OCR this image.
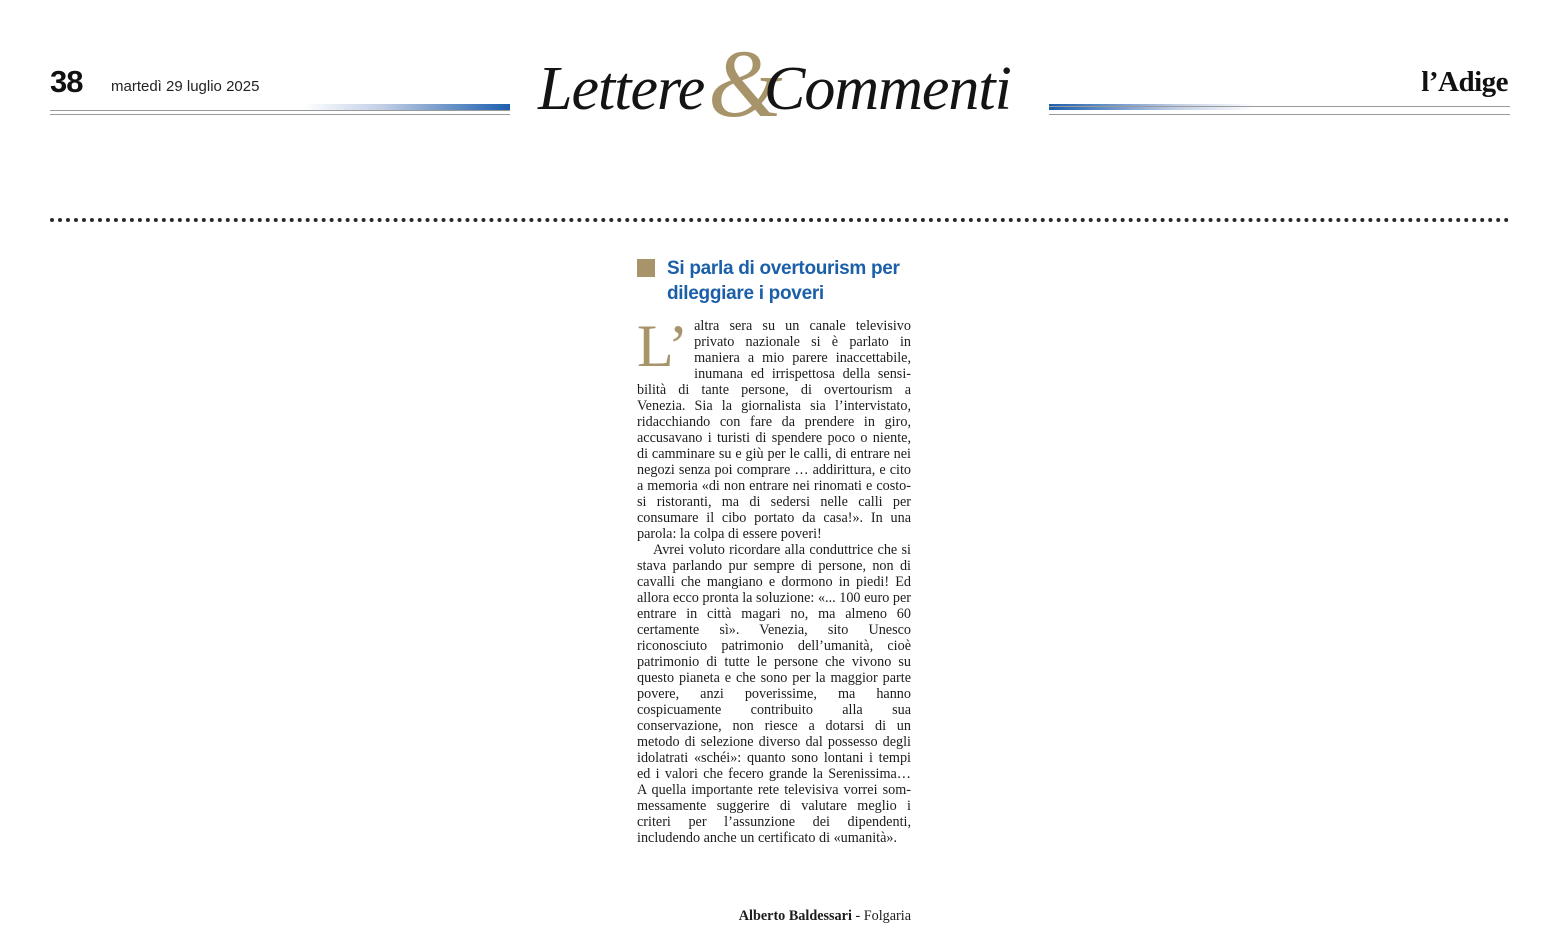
38 martedì 29 luglio 2025	Lettere &
Commenti	l’Adige
Si parla di overtourism per dileggiare i poveri

L’ altra sera su un canale televisivo privato nazionale si è parlato in maniera a mio parere inaccettabile, inumana ed irrispettosa della sensibilità di tante persone, di overtourism a Venezia. Sia la giornalista sia l’intervistato, ridacchiando con fare da prendere in giro, accusavano i turisti di spendere poco o niente, di camminare su e giù per le calli, di entrare nei negozi senza poi comprare … addirittura, e cito a memoria «di non entrare nei rinomati e costosi ristoranti, ma di sedersi nelle calli per consumare il cibo portato da casa!». In una parola: la colpa di essere poveri!

Avrei voluto ricordare alla conduttrice che si stava parlando pur sempre di persone, non di cavalli che mangiano e dormono in piedi! Ed allora ecco pronta la soluzione: «... 100 euro per entrare in città magari no, ma almeno 60 certamente sì». Venezia, sito Unesco riconosciuto patrimonio dell’umanità, cioè patrimonio di tutte le persone che vivono su questo pianeta e che sono per la maggior parte povere, anzi poverissime, ma hanno cospicuamente contribuito alla sua conservazione, non riesce a dotarsi di un metodo di selezione diverso dal possesso degli idolatrati «schéi»: quanto sono lontani i tempi ed i valori che fecero grande la Serenissima… A quella importante rete televisiva vorrei sommessamente suggerire di valutare meglio i criteri per l’assunzione dei dipendenti, includendo anche un certificato di «umanità».

Alberto Baldessari - Folgaria
